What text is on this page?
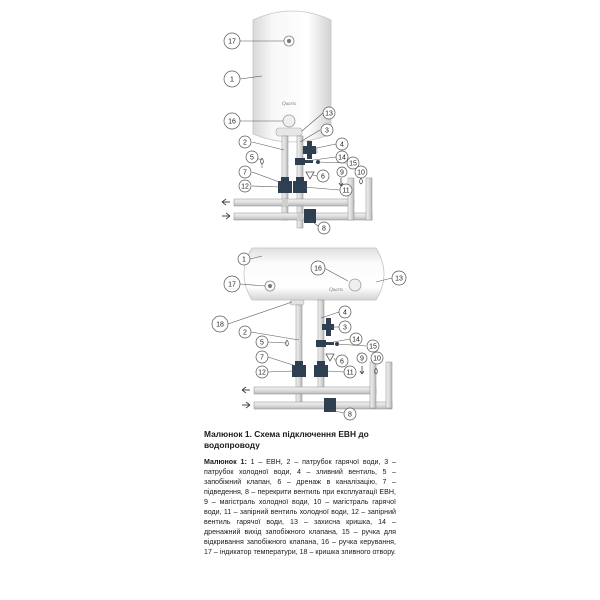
Quarts
17
1
16
13
3
2	4
5	14
15
7
6
9 10
12
11
8
Quarts
1
16
13
17
4
18	3
2
14
5
15
7
6 9 10
12	11
8
Малюнок 1. Схема підключення ЕВН до водопроводу
Малюнок 1: 1 – ЕВН, 2 – патрубок гарячої води, 3 – патрубок холодної води, 4 – зливний вентиль, 5 – запобіжний клапан, 6 – дренаж в каналізацію, 7 – підведення, 8 – перекрити вентиль при експлуатації ЕВН, 9 – магістраль холодної води, 10 – магістраль гарячої води, 11 – запірний вентиль холодної води, 12 – запірний вентиль гарячої води, 13 – захисна кришка, 14 – дренажний вихід запобіжного клапана, 15 – ручка для відкривання запобіжного клапана, 16 – ручка керування, 17 – індикатор температури, 18 – кришка зливного отвору.
